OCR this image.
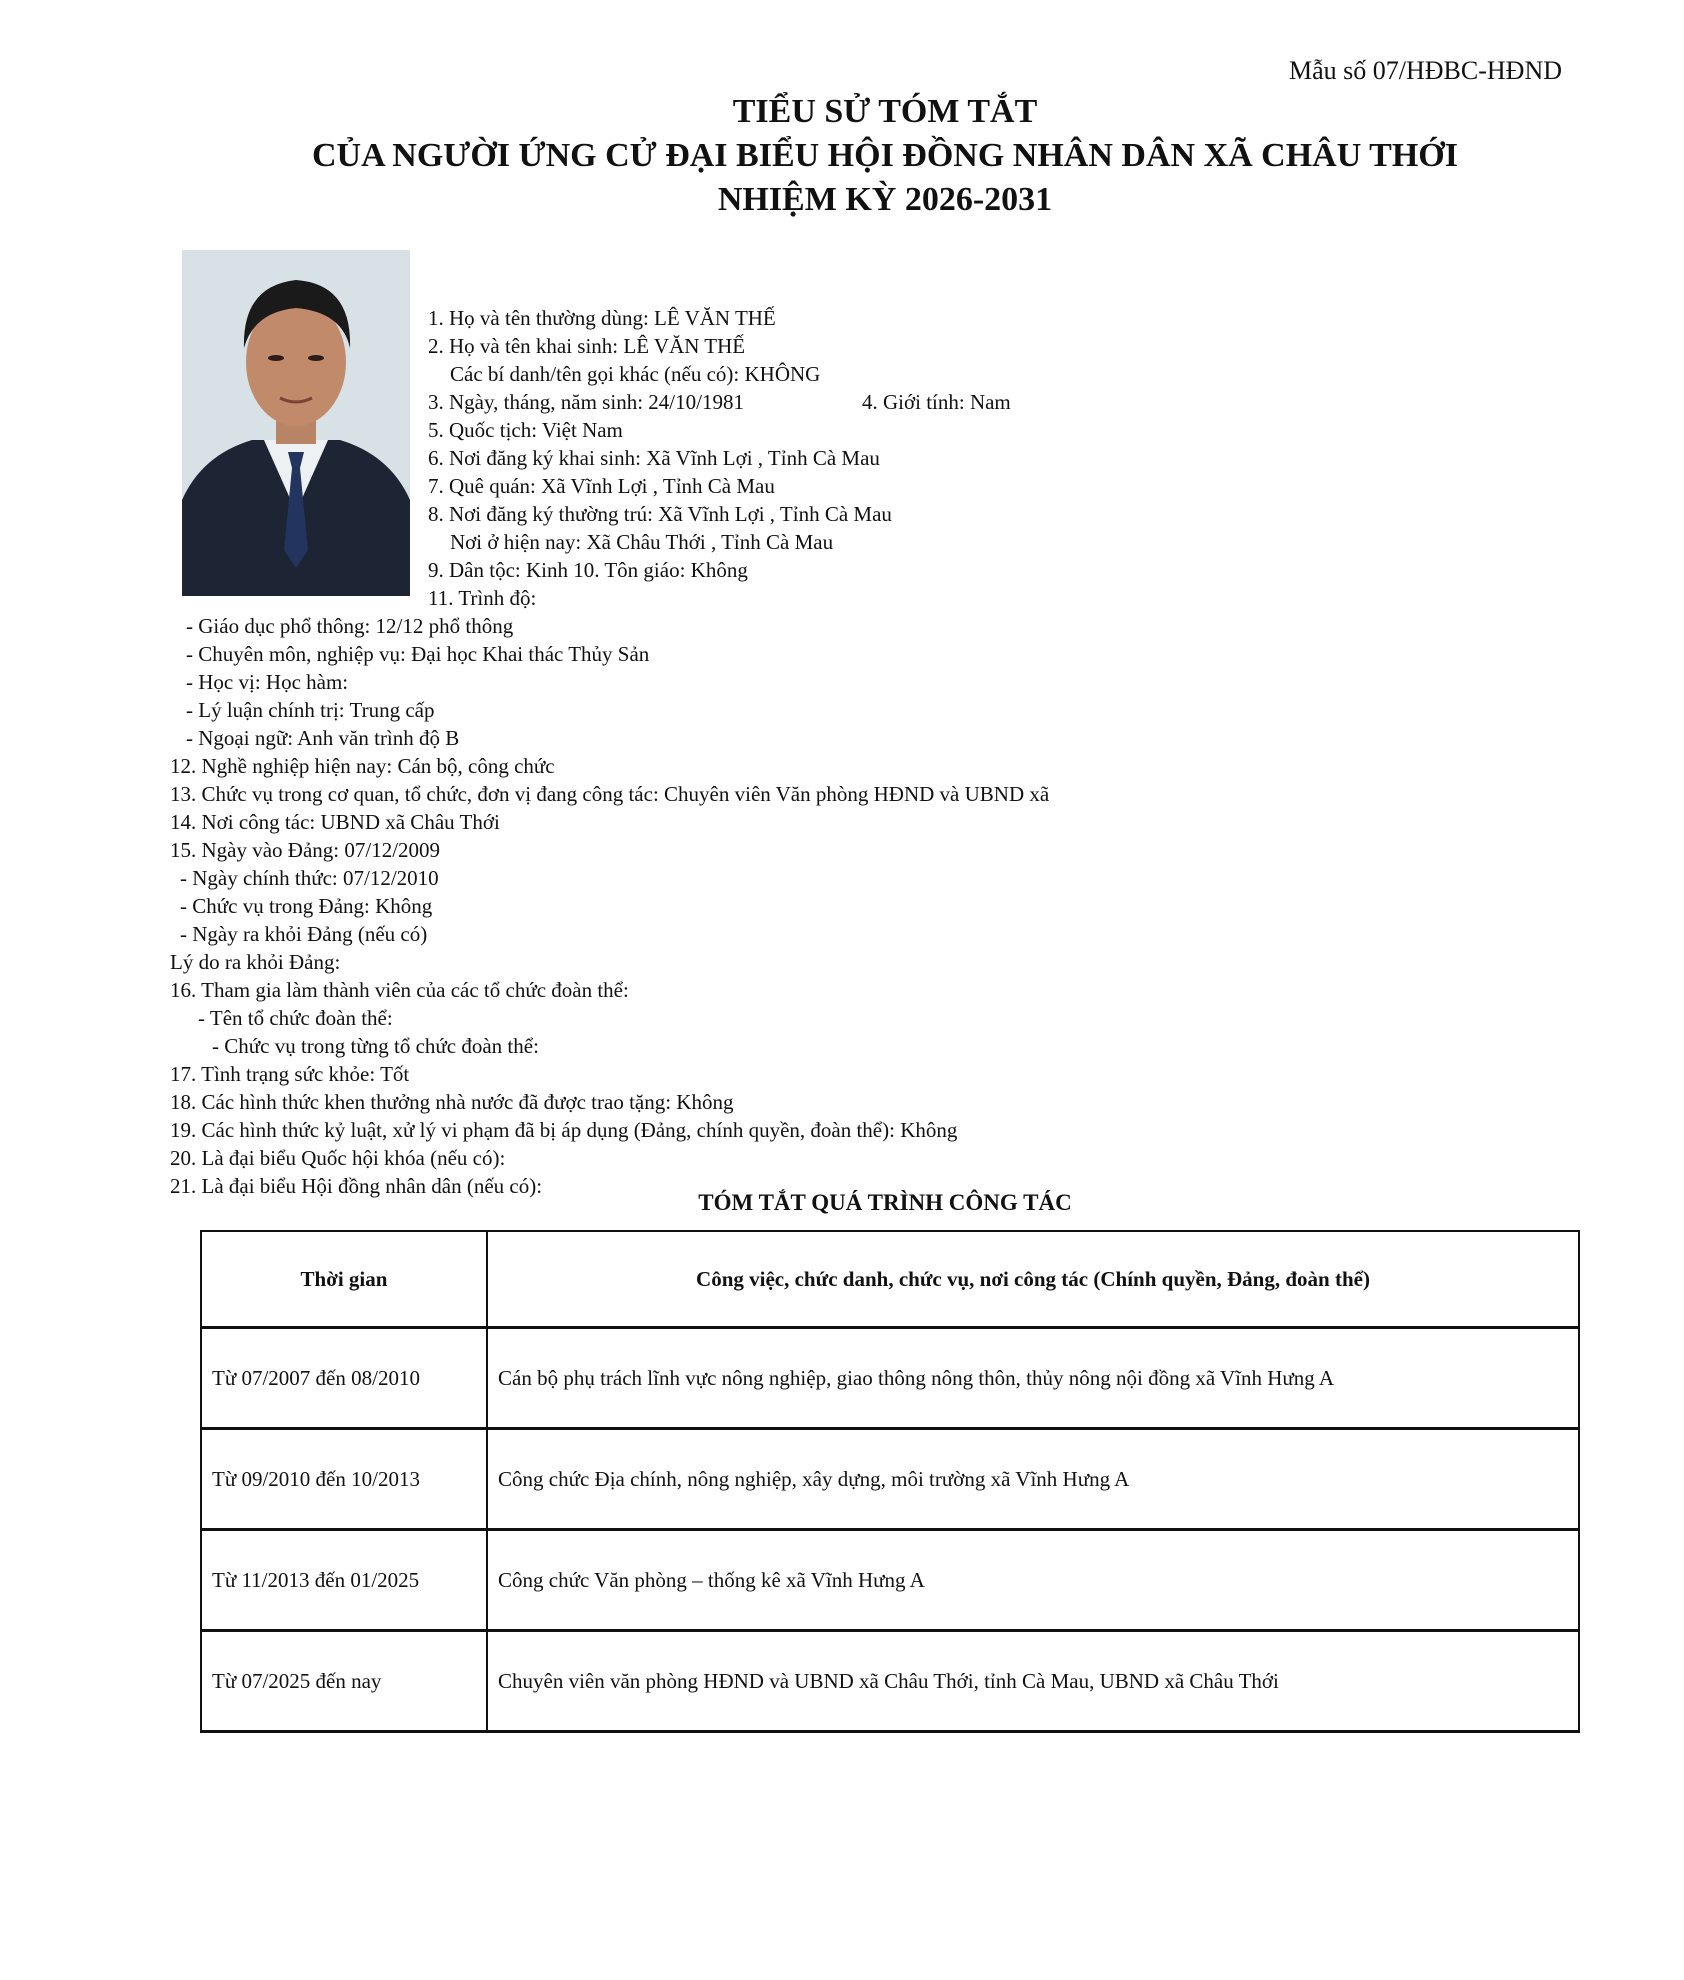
Mẫu số 07/HĐBC-HĐND
TIỂU SỬ TÓM TẮT
CỦA NGƯỜI ỨNG CỬ ĐẠI BIỂU HỘI ĐỒNG NHÂN DÂN XÃ CHÂU THỚI
NHIỆM KỲ 2026-2031
1. Họ và tên thường dùng: LÊ VĂN THẾ
2. Họ và tên khai sinh: LÊ VĂN THẾ
Các bí danh/tên gọi khác (nếu có): KHÔNG
3. Ngày, tháng, năm sinh: 24/10/1981	4. Giới tính: Nam
5. Quốc tịch: Việt Nam
6. Nơi đăng ký khai sinh: Xã Vĩnh Lợi , Tỉnh Cà Mau
7. Quê quán: Xã Vĩnh Lợi , Tỉnh Cà Mau
8. Nơi đăng ký thường trú: Xã Vĩnh Lợi , Tỉnh Cà Mau
Nơi ở hiện nay: Xã Châu Thới , Tỉnh Cà Mau
9. Dân tộc: Kinh 10. Tôn giáo: Không
11. Trình độ:
- Giáo dục phổ thông: 12/12 phổ thông
- Chuyên môn, nghiệp vụ: Đại học Khai thác Thủy Sản
- Học vị: Học hàm:
- Lý luận chính trị: Trung cấp
- Ngoại ngữ: Anh văn trình độ B
12. Nghề nghiệp hiện nay: Cán bộ, công chức
13. Chức vụ trong cơ quan, tổ chức, đơn vị đang công tác: Chuyên viên Văn phòng HĐND và UBND xã
14. Nơi công tác: UBND xã Châu Thới
15. Ngày vào Đảng: 07/12/2009
- Ngày chính thức: 07/12/2010
- Chức vụ trong Đảng: Không
- Ngày ra khỏi Đảng (nếu có)
Lý do ra khỏi Đảng:
16. Tham gia làm thành viên của các tổ chức đoàn thể:
- Tên tổ chức đoàn thể:
- Chức vụ trong từng tổ chức đoàn thể:
17. Tình trạng sức khỏe: Tốt
18. Các hình thức khen thưởng nhà nước đã được trao tặng: Không
19. Các hình thức kỷ luật, xử lý vi phạm đã bị áp dụng (Đảng, chính quyền, đoàn thể): Không
20. Là đại biểu Quốc hội khóa (nếu có):
21. Là đại biểu Hội đồng nhân dân (nếu có):
TÓM TẮT QUÁ TRÌNH CÔNG TÁC
Thời gian	Công việc, chức danh, chức vụ, nơi công tác (Chính quyền, Đảng, đoàn thể)
Từ 07/2007 đến 08/2010	Cán bộ phụ trách lĩnh vực nông nghiệp, giao thông nông thôn, thủy nông nội đồng xã Vĩnh Hưng A
Từ 09/2010 đến 10/2013	Công chức Địa chính, nông nghiệp, xây dựng, môi trường xã Vĩnh Hưng A
Từ 11/2013 đến 01/2025	Công chức Văn phòng – thống kê xã Vĩnh Hưng A
Từ 07/2025 đến nay	Chuyên viên văn phòng HĐND và UBND xã Châu Thới, tỉnh Cà Mau, UBND xã Châu Thới
